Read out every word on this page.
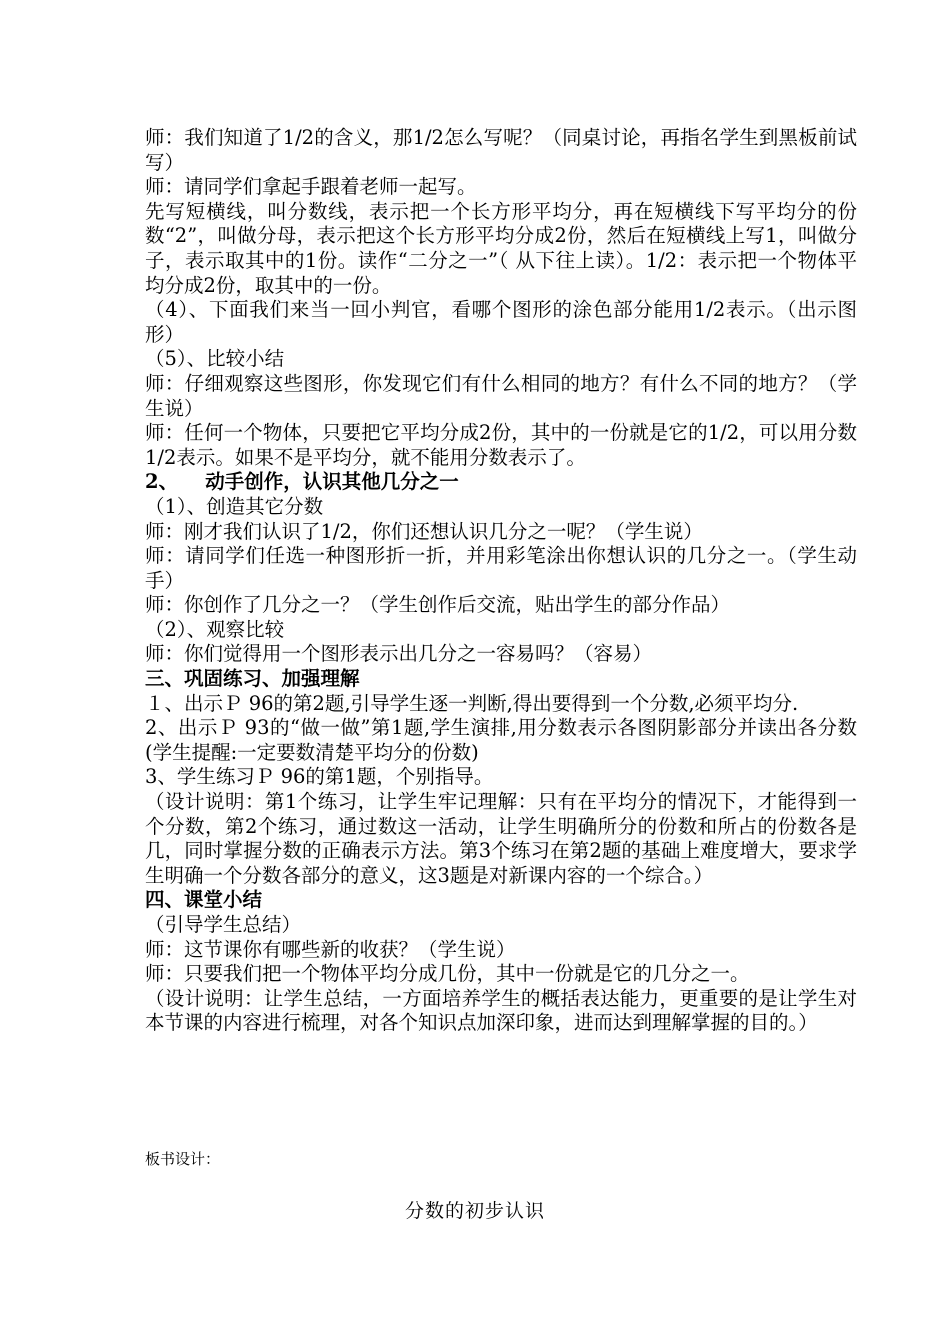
师：我们知道了1/2的含义，那1/2怎么写呢？（同桌讨论，再指名学生到黑板前试写）

师：请同学们拿起手跟着老师一起写。

先写短横线，叫分数线，表示把一个长方形平均分，再在短横线下写平均分的份数“2”，叫做分母，表示把这个长方形平均分成2份，然后在短横线上写1，叫做分子，表示取其中的1份。读作“二分之一”（ 从下往上读）。1/2：表示把一个物体平均分成2份，取其中的一份。

（4）、下面我们来当一回小判官，看哪个图形的涂色部分能用1/2表示。（出示图形）

（5）、比较小结

师：仔细观察这些图形，你发现它们有什么相同的地方？有什么不同的地方？（学生说）

师：任何一个物体，只要把它平均分成2份，其中的一份就是它的1/2，可以用分数1/2表示。如果不是平均分，就不能用分数表示了。

2、    动手创作，认识其他几分之一

（1）、创造其它分数

师：刚才我们认识了1/2，你们还想认识几分之一呢？（学生说）

师：请同学们任选一种图形折一折，并用彩笔涂出你想认识的几分之一。（学生动手）

师：你创作了几分之一？（学生创作后交流，贴出学生的部分作品）

（2）、观察比较

师：你们觉得用一个图形表示出几分之一容易吗？（容易）

三、巩固练习、加强理解

１、出示Ｐ 96的第2题,引导学生逐一判断,得出要得到一个分数,必须平均分.

2、出示Ｐ 93的“做一做”第1题,学生演排,用分数表示各图阴影部分并读出各分数(学生提醒:一定要数清楚平均分的份数)

3、学生练习Ｐ 96的第1题，个别指导。

（设计说明：第1个练习，让学生牢记理解：只有在平均分的情况下，才能得到一个分数，第2个练习，通过数这一活动，让学生明确所分的份数和所占的份数各是几，同时掌握分数的正确表示方法。第3个练习在第2题的基础上难度增大，要求学生明确一个分数各部分的意义，这3题是对新课内容的一个综合。）

四、课堂小结

（引导学生总结）

师：这节课你有哪些新的收获？（学生说）

师：只要我们把一个物体平均分成几份，其中一份就是它的几分之一。

（设计说明：让学生总结，一方面培养学生的概括表达能力，更重要的是让学生对本节课的内容进行梳理，对各个知识点加深印象，进而达到理解掌握的目的。）

板书设计：
分数的初步认识
